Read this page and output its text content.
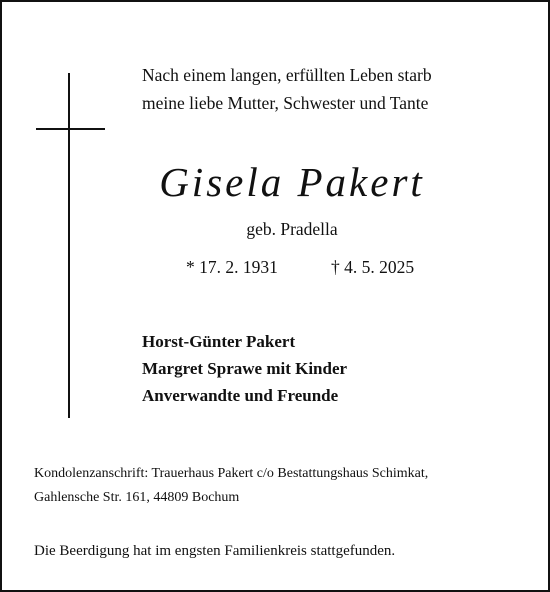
Nach einem langen, erfüllten Leben starb
meine liebe Mutter, Schwester und Tante
Gisela Pakert
geb. Pradella
* 17. 2. 1931	† 4. 5. 2025
Horst-Günter Pakert
Margret Sprawe mit Kinder
Anverwandte und Freunde
Kondolenzanschrift: Trauerhaus Pakert c/o Bestattungshaus Schimkat,
Gahlensche Str. 161, 44809 Bochum
Die Beerdigung hat im engsten Familienkreis stattgefunden.
